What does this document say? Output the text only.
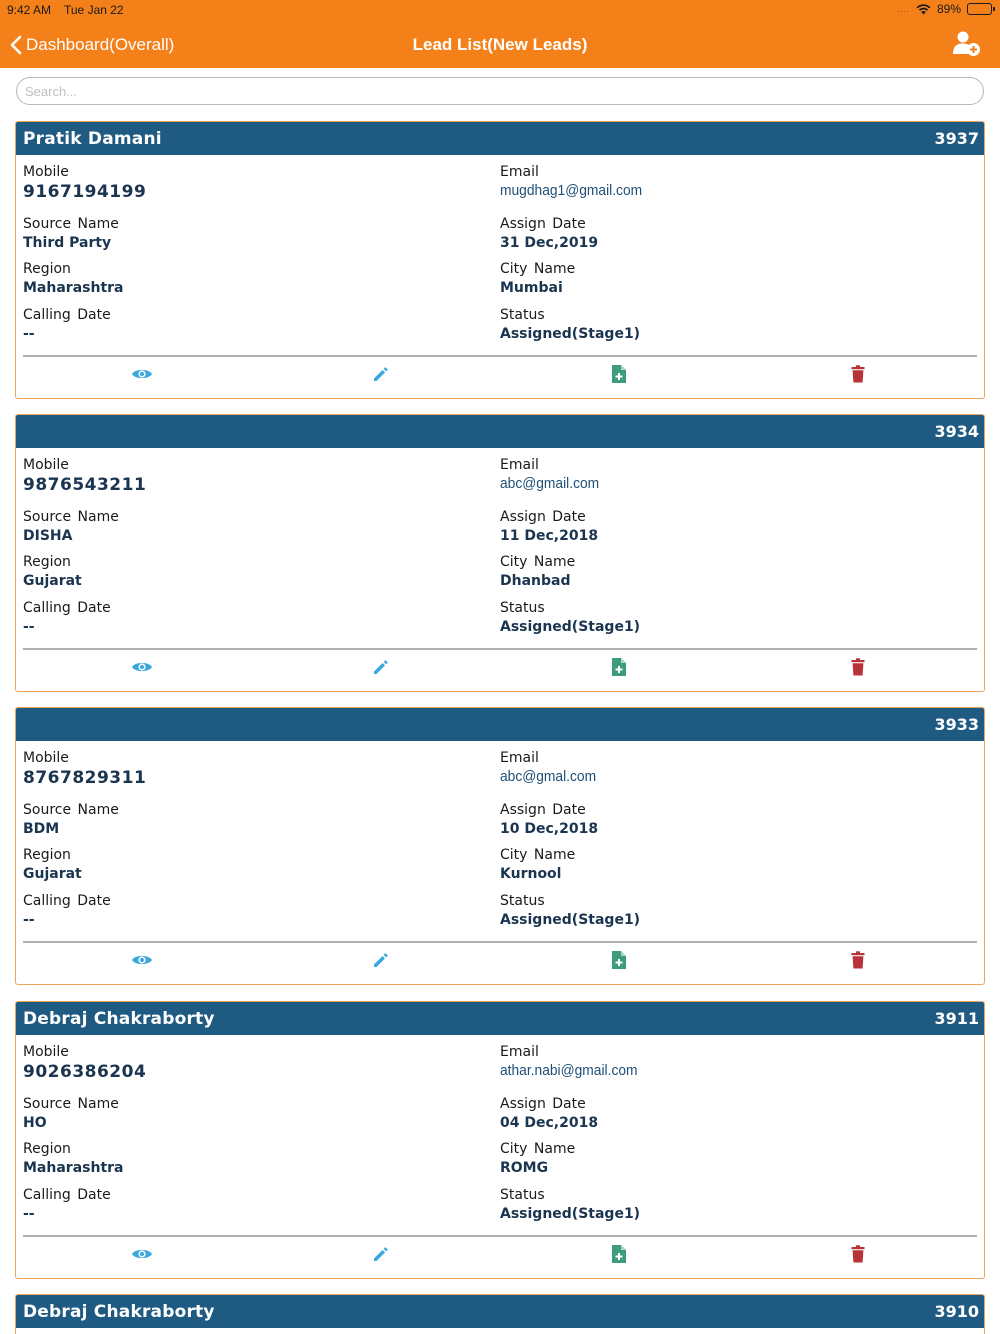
9:42 AM Tue Jan 22	.... 89%
Dashboard(Overall)	Lead List(New Leads)
Search...
Pratik Damani	3937
Mobile
9167194199
Email
mugdhag1@gmail.com
Source Name
Third Party
Assign Date
31 Dec,2019
Region
Maharashtra
City Name
Mumbai
Calling Date
--
Status
Assigned(Stage1)
3934
Mobile
9876543211
Email
abc@gmail.com
Source Name
DISHA
Assign Date
11 Dec,2018
Region
Gujarat
City Name
Dhanbad
Calling Date
--
Status
Assigned(Stage1)
3933
Mobile
8767829311
Email
abc@gmal.com
Source Name
BDM
Assign Date
10 Dec,2018
Region
Gujarat
City Name
Kurnool
Calling Date
--
Status
Assigned(Stage1)
Debraj Chakraborty	3911
Mobile
9026386204
Email
athar.nabi@gmail.com
Source Name
HO
Assign Date
04 Dec,2018
Region
Maharashtra
City Name
ROMG
Calling Date
--
Status
Assigned(Stage1)
Debraj Chakraborty	3910
